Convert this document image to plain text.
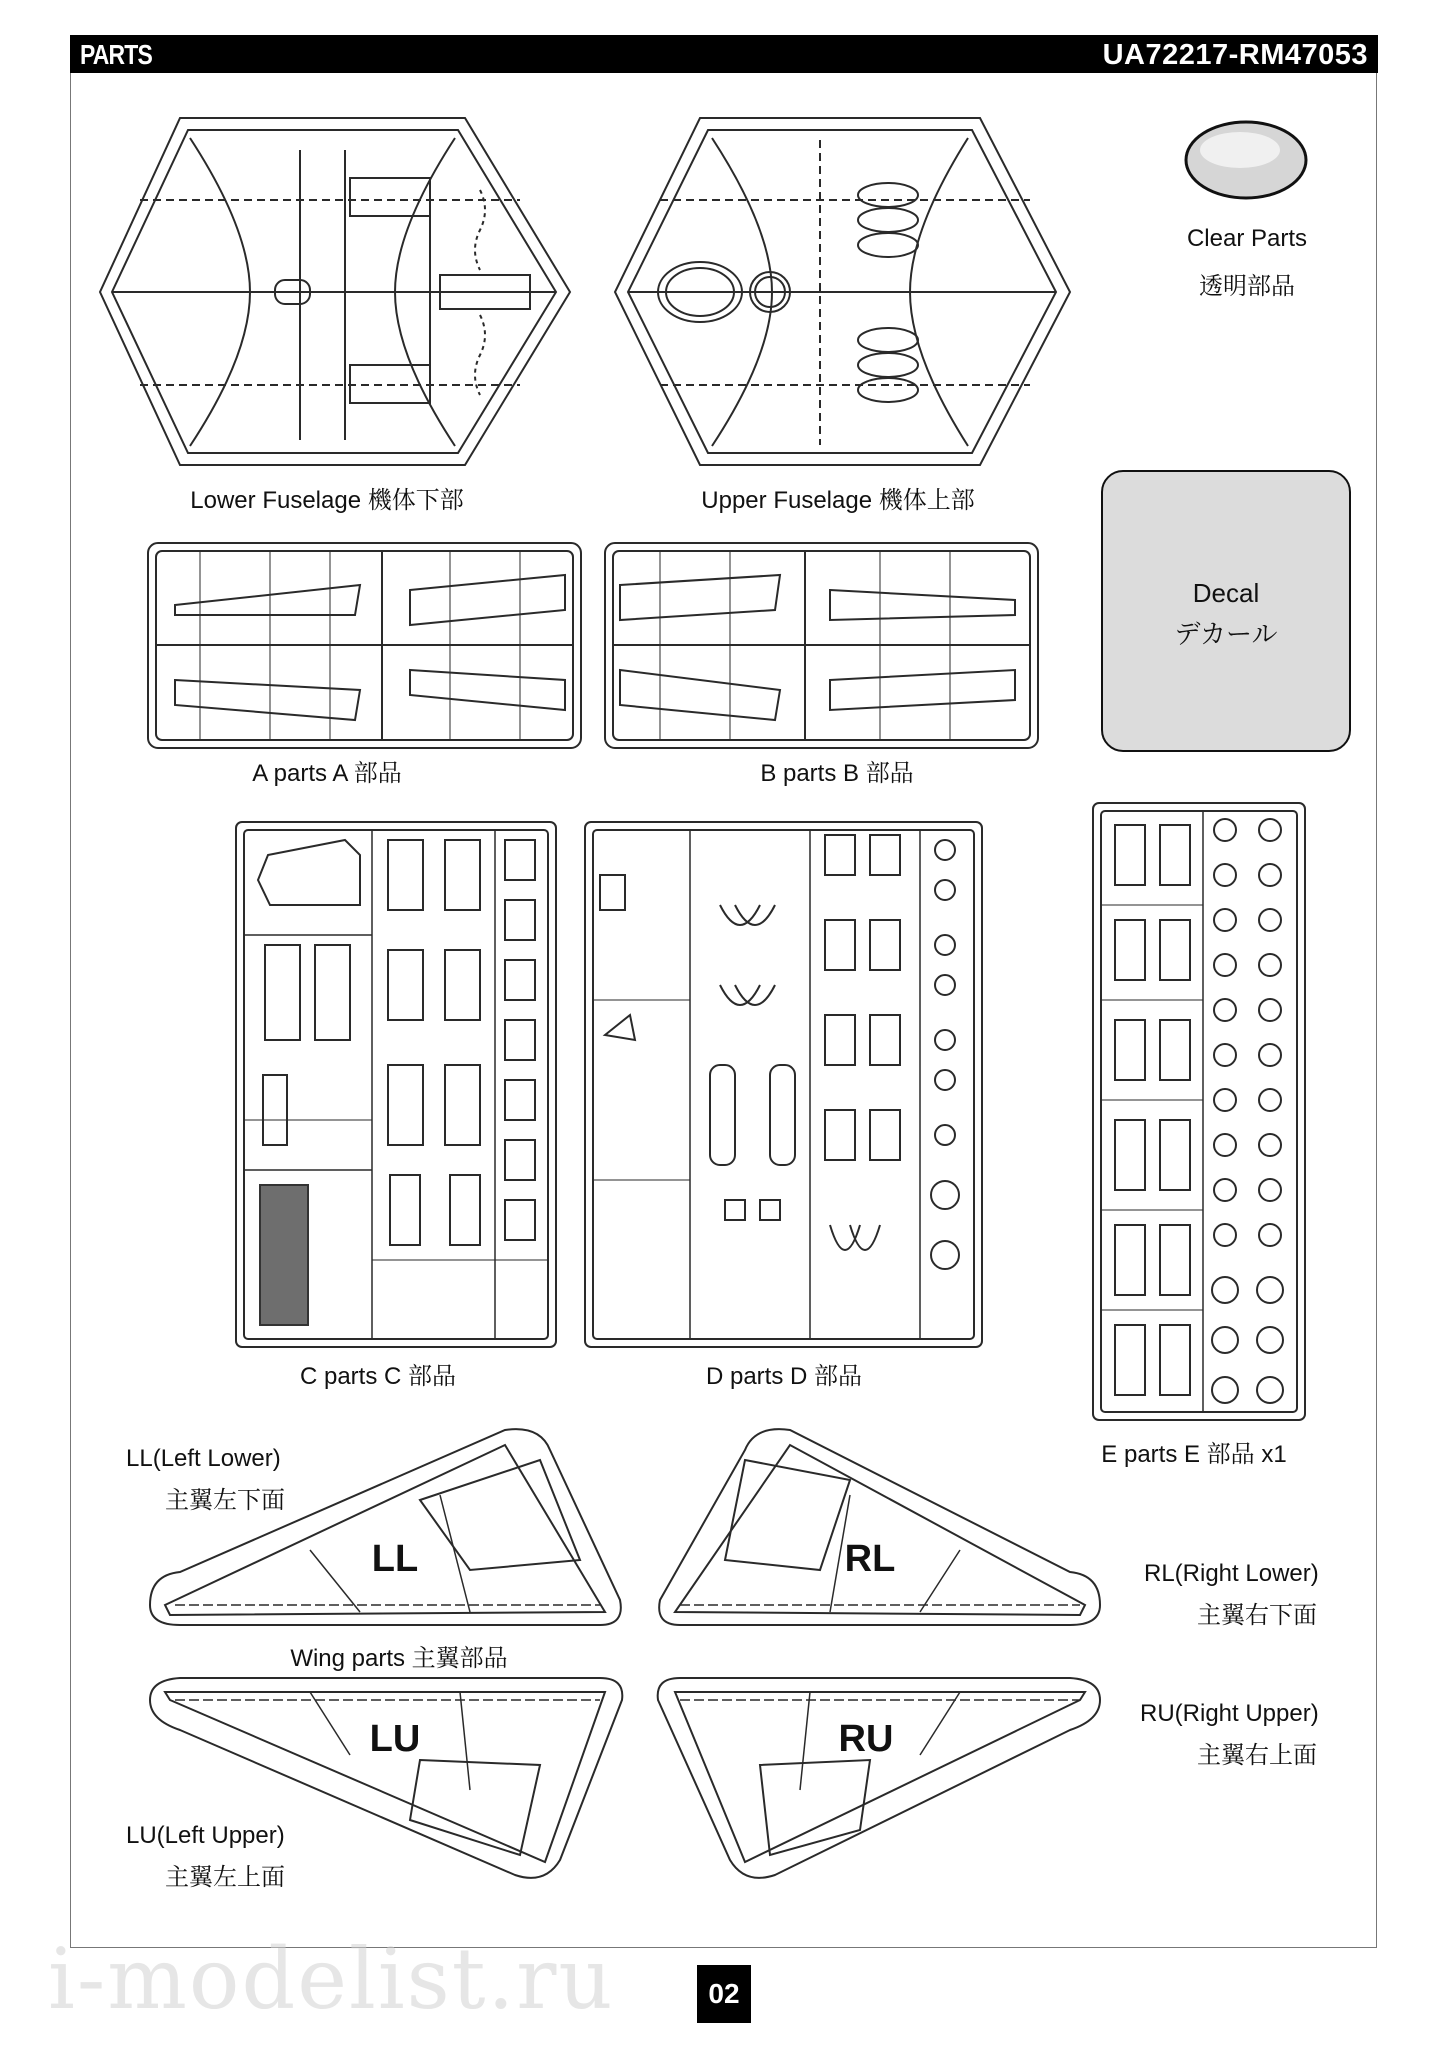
PARTS	UA72217-RM47053
Lower Fuselage 機体下部	Upper Fuselage 機体上部
Clear Parts
透明部品
Decal
デカール
A parts A 部品	B parts B 部品
C parts C 部品	D parts D 部品
E parts E 部品 x1
LL(Left Lower)
主翼左下面
RL(Right Lower)
主翼右下面
Wing parts 主翼部品
RU(Right Upper)
主翼右上面
LU(Left Upper)
主翼左上面
LL	RL
LU	RU
i-modelist.ru	02
